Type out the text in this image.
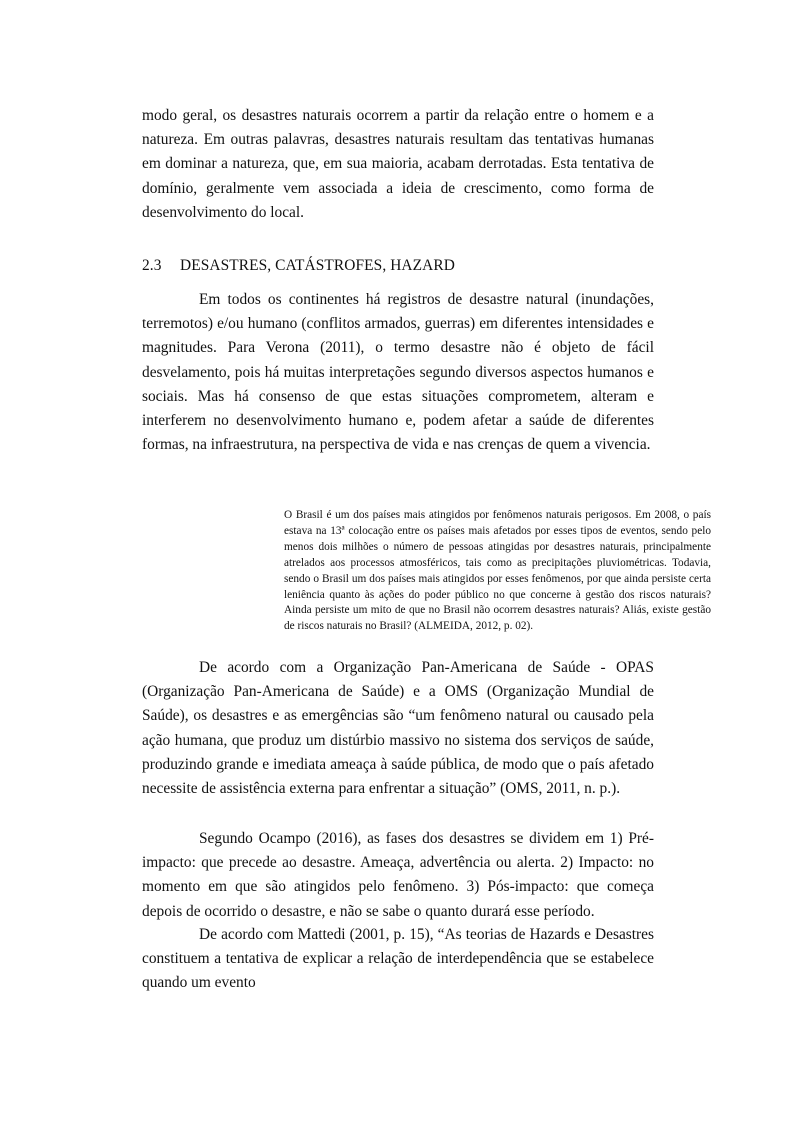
modo geral, os desastres naturais ocorrem a partir da relação entre o homem e a natureza. Em outras palavras, desastres naturais resultam das tentativas humanas em dominar a natureza, que, em sua maioria, acabam derrotadas. Esta tentativa de domínio, geralmente vem associada a ideia de crescimento, como forma de desenvolvimento do local.

2.3 DESASTRES, CATÁSTROFES, HAZARD

Em todos os continentes há registros de desastre natural (inundações, terremotos) e/ou humano (conflitos armados, guerras) em diferentes intensidades e magnitudes. Para Verona (2011), o termo desastre não é objeto de fácil desvelamento, pois há muitas interpretações segundo diversos aspectos humanos e sociais. Mas há consenso de que estas situações comprometem, alteram e interferem no desenvolvimento humano e, podem afetar a saúde de diferentes formas, na infraestrutura, na perspectiva de vida e nas crenças de quem a vivencia.

O Brasil é um dos países mais atingidos por fenômenos naturais perigosos. Em 2008, o país estava na 13ª colocação entre os países mais afetados por esses tipos de eventos, sendo pelo menos dois milhões o número de pessoas atingidas por desastres naturais, principalmente atrelados aos processos atmosféricos, tais como as precipitações pluviométricas. Todavia, sendo o Brasil um dos países mais atingidos por esses fenômenos, por que ainda persiste certa leniência quanto às ações do poder público no que concerne à gestão dos riscos naturais? Ainda persiste um mito de que no Brasil não ocorrem desastres naturais? Aliás, existe gestão de riscos naturais no Brasil? (ALMEIDA, 2012, p. 02).

De acordo com a Organização Pan-Americana de Saúde - OPAS (Organização Pan-Americana de Saúde) e a OMS (Organização Mundial de Saúde), os desastres e as emergências são “um fenômeno natural ou causado pela ação humana, que produz um distúrbio massivo no sistema dos serviços de saúde, produzindo grande e imediata ameaça à saúde pública, de modo que o país afetado necessite de assistência externa para enfrentar a situação” (OMS, 2011, n. p.).

Segundo Ocampo (2016), as fases dos desastres se dividem em 1) Pré-impacto: que precede ao desastre. Ameaça, advertência ou alerta. 2) Impacto: no momento em que são atingidos pelo fenômeno. 3) Pós-impacto: que começa depois de ocorrido o desastre, e não se sabe o quanto durará esse período.

De acordo com Mattedi (2001, p. 15), “As teorias de Hazards e Desastres constituem a tentativa de explicar a relação de interdependência que se estabelece quando um evento
